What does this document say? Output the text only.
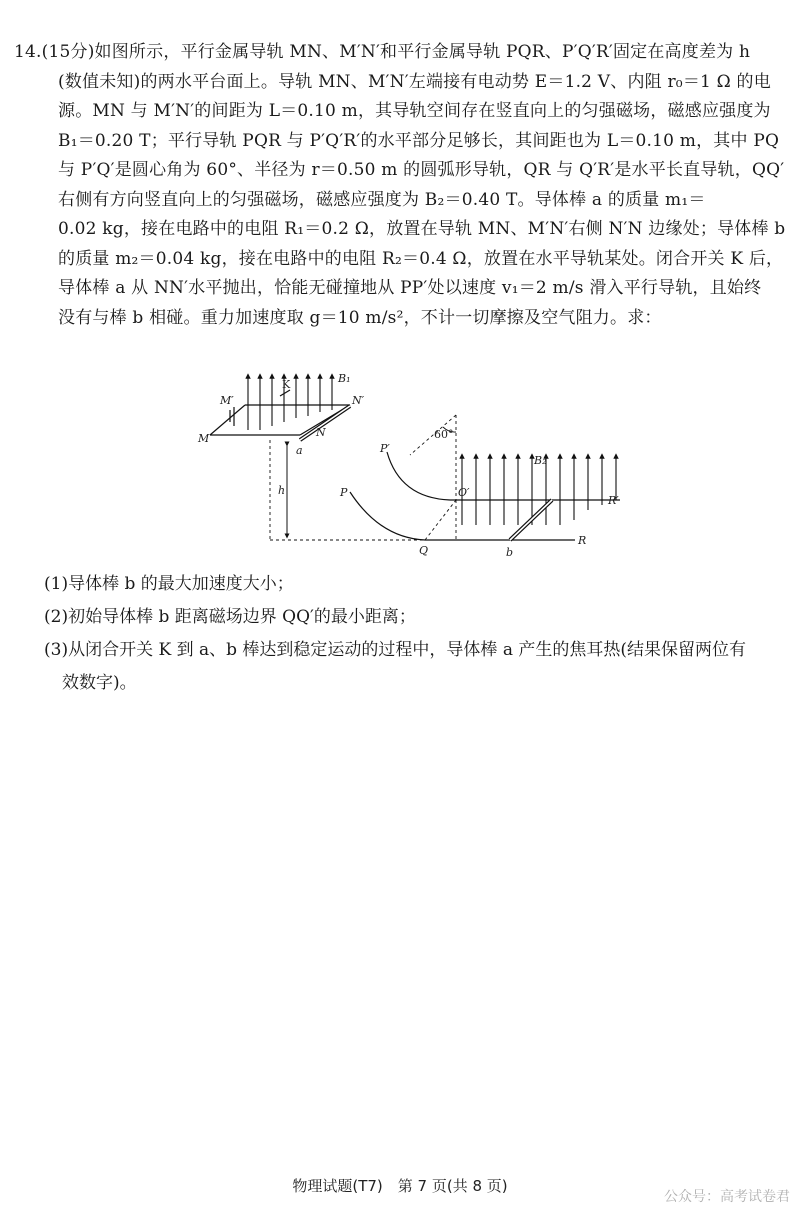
14.(15分)如图所示，平行金属导轨 MN、M′N′和平行金属导轨 PQR、P′Q′R′固定在高度差为 h
(数值未知)的两水平台面上。导轨 MN、M′N′左端接有电动势 E＝1.2 V、内阻 r₀＝1 Ω 的电
源。MN 与 M′N′的间距为 L＝0.10 m，其导轨空间存在竖直向上的匀强磁场，磁感应强度为
B₁＝0.20 T；平行导轨 PQR 与 P′Q′R′的水平部分足够长，其间距也为 L＝0.10 m，其中 PQ
与 P′Q′是圆心角为 60°、半径为 r＝0.50 m 的圆弧形导轨，QR 与 Q′R′是水平长直导轨，QQ′
右侧有方向竖直向上的匀强磁场，磁感应强度为 B₂＝0.40 T。导体棒 a 的质量 m₁＝
0.02 kg，接在电路中的电阻 R₁＝0.2 Ω，放置在导轨 MN、M′N′右侧 N′N 边缘处；导体棒 b
的质量 m₂＝0.04 kg，接在电路中的电阻 R₂＝0.4 Ω，放置在水平导轨某处。闭合开关 K 后，
导体棒 a 从 NN′水平抛出，恰能无碰撞地从 PP′处以速度 v₁＝2 m/s 滑入平行导轨，且始终
没有与棒 b 相碰。重力加速度取 g＝10 m/s²，不计一切摩擦及空气阻力。求：
M
M′
N
N′
K	B₁
a
h	P
P′
60°
B₂
O′
R′
Q	b
R
(1)导体棒 b 的最大加速度大小；
(2)初始导体棒 b 距离磁场边界 QQ′的最小距离；
(3)从闭合开关 K 到 a、b 棒达到稳定运动的过程中，导体棒 a 产生的焦耳热(结果保留两位有
效数字)。
物理试题(T7)　第 7 页(共 8 页)
公众号：高考试卷君
